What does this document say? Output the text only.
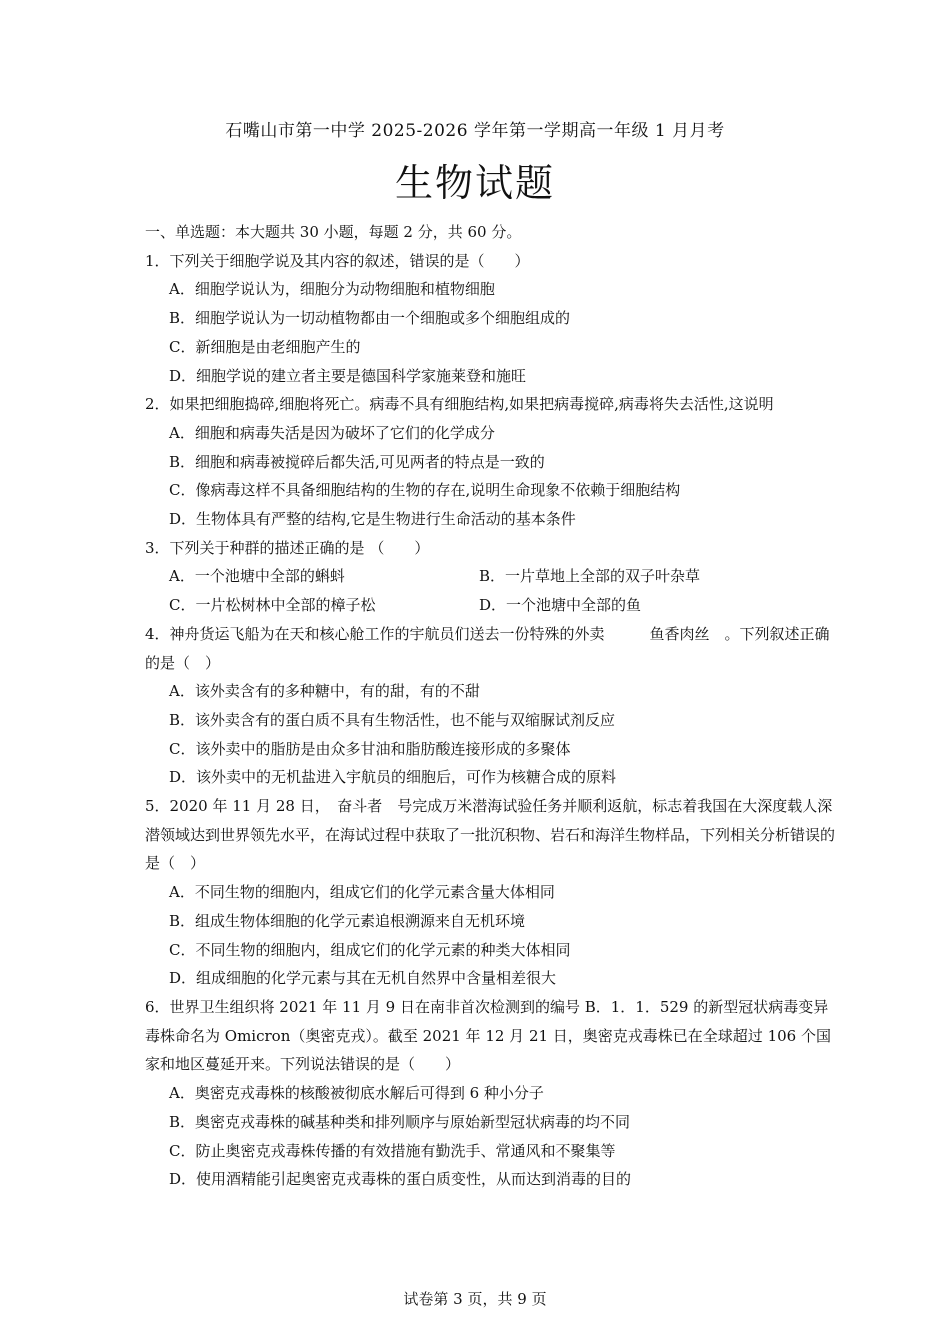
石嘴山市第一中学 2025-2026 学年第一学期高一年级 1 月月考
生物试题

一、单选题：本大题共 30 小题，每题 2 分，共 60 分。

1．下列关于细胞学说及其内容的叙述，错误的是（　　）

A．细胞学说认为，细胞分为动物细胞和植物细胞

B．细胞学说认为一切动植物都由一个细胞或多个细胞组成的

C．新细胞是由老细胞产生的

D．细胞学说的建立者主要是德国科学家施莱登和施旺

2．如果把细胞捣碎,细胞将死亡。病毒不具有细胞结构,如果把病毒搅碎,病毒将失去活性,这说明

A．细胞和病毒失活是因为破坏了它们的化学成分

B．细胞和病毒被搅碎后都失活,可见两者的特点是一致的

C．像病毒这样不具备细胞结构的生物的存在,说明生命现象不依赖于细胞结构

D．生物体具有严整的结构,它是生物进行生命活动的基本条件

3．下列关于种群的描述正确的是 （　　）

A．一个池塘中全部的蝌蚪	B．一片草地上全部的双子叶杂草
C．一片松树林中全部的樟子松	D．一个池塘中全部的鱼

4．神舟货运飞船为在天和核心舱工作的宇航员们送去一份特殊的外卖　　　鱼香肉丝　。下列叙述正确的是（　）

A．该外卖含有的多种糖中，有的甜，有的不甜

B．该外卖含有的蛋白质不具有生物活性，也不能与双缩脲试剂反应

C．该外卖中的脂肪是由众多甘油和脂肪酸连接形成的多聚体

D．该外卖中的无机盐进入宇航员的细胞后，可作为核糖合成的原料

5．2020 年 11 月 28 日，　奋斗者　号完成万米潜海试验任务并顺利返航，标志着我国在大深度载人深潜领域达到世界领先水平，在海试过程中获取了一批沉积物、岩石和海洋生物样品，下列相关分析错误的是（　）

A．不同生物的细胞内，组成它们的化学元素含量大体相同

B．组成生物体细胞的化学元素追根溯源来自无机环境

C．不同生物的细胞内，组成它们的化学元素的种类大体相同

D．组成细胞的化学元素与其在无机自然界中含量相差很大

6．世界卫生组织将 2021 年 11 月 9 日在南非首次检测到的编号 B．1．1．529 的新型冠状病毒变异毒株命名为 Omicron（奥密克戎）。截至 2021 年 12 月 21 日，奥密克戎毒株已在全球超过 106 个国家和地区蔓延开来。下列说法错误的是（　　）

A．奥密克戎毒株的核酸被彻底水解后可得到 6 种小分子

B．奥密克戎毒株的碱基种类和排列顺序与原始新型冠状病毒的均不同

C．防止奥密克戎毒株传播的有效措施有勤洗手、常通风和不聚集等

D．使用酒精能引起奥密克戎毒株的蛋白质变性，从而达到消毒的目的

试卷第 3 页，共 9 页
